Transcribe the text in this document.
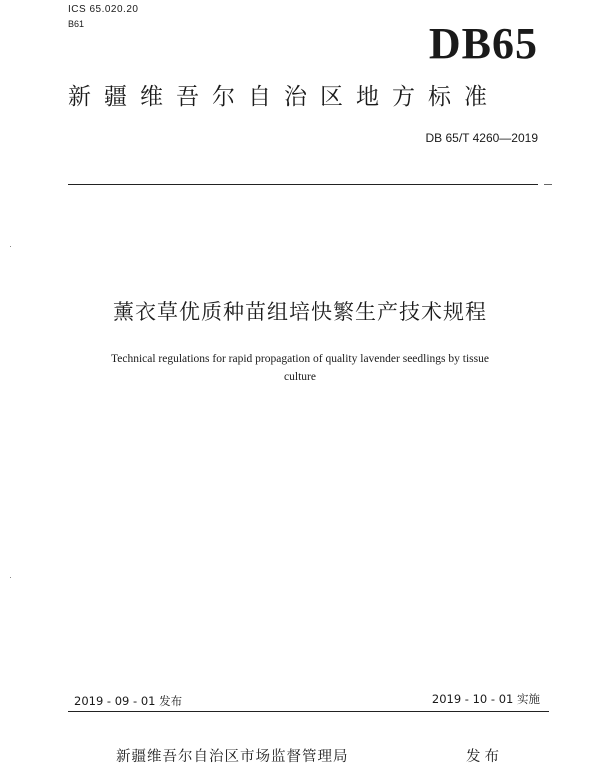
ICS 65.020.20
B61	DB65
新疆维吾尔自治区地方标准
DB 65/T 4260—2019
薰衣草优质种苗组培快繁生产技术规程
Technical regulations for rapid propagation of quality lavender seedlings by tissue
culture
2019 - 09 - 01 发布	2019 - 10 - 01 实施
新疆维吾尔自治区市场监督管理局	发布
